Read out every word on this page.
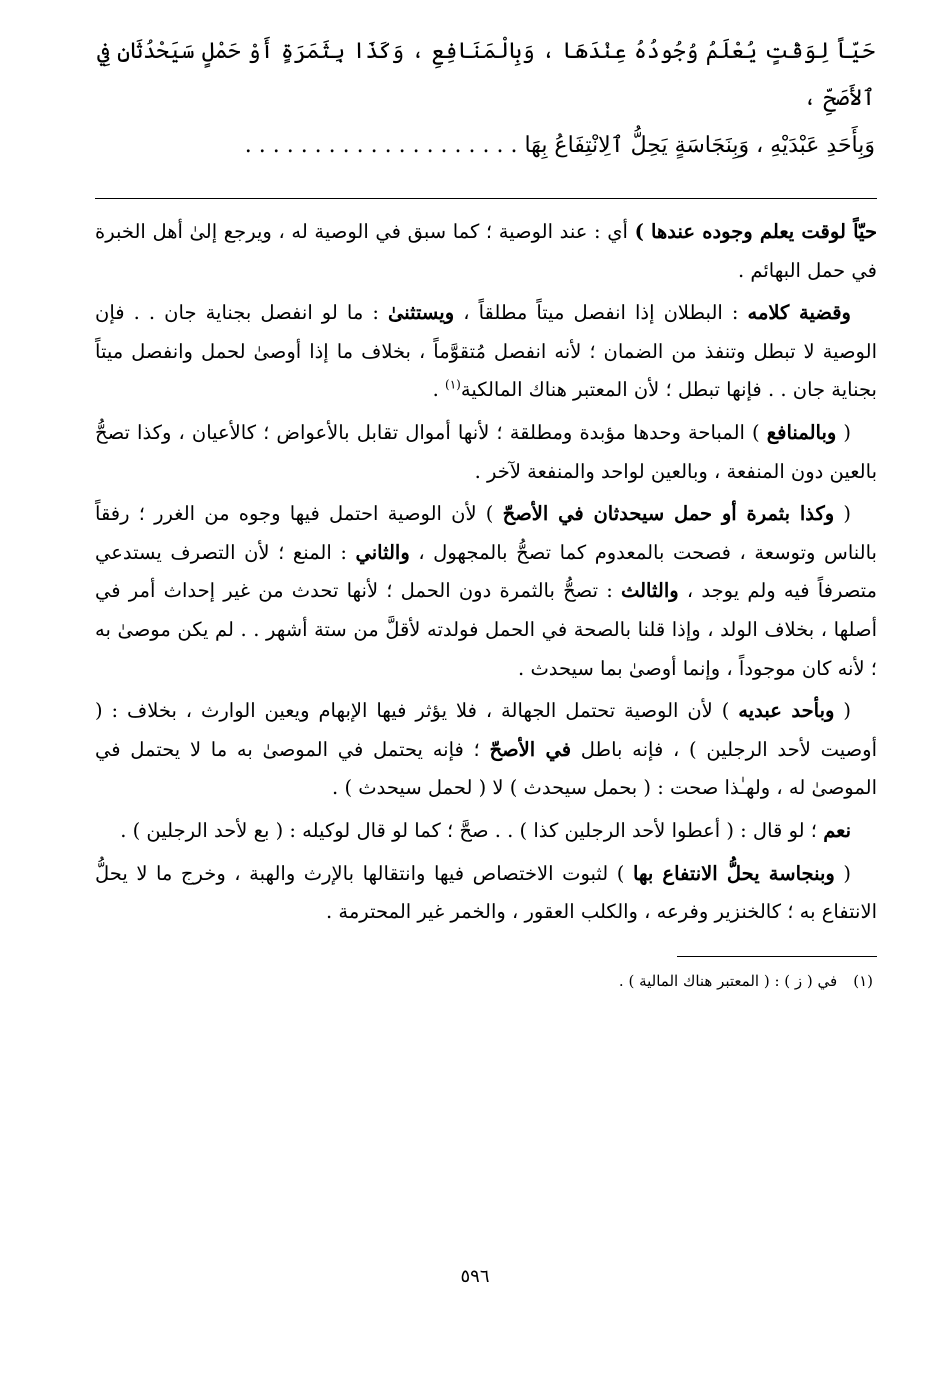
حَيّاً لِوَقْتٍ يُعْلَمُ وُجُودُهُ عِنْدَهَا ، وَبِالْمَنَافِعِ ، وَكَذَا بِثَمَرَةٍ أَوْ حَمْلٍ سَيَحْدُثَانِ فِي ٱلأَصَحِّ ،
وَبِأَحَدِ عَبْدَيْهِ ، وَبِنَجَاسَةٍ يَحِلُّ ٱلِانْتِفَاعُ بِهَا . . . . . . . . . . . . . . . . . . . .

حيّاً لوقت يعلم وجوده عندها ) أي : عند الوصية ؛ كما سبق في الوصية له ، ويرجع إلىٰ أهل الخبرة في حمل البهائم .

وقضية كلامه : البطلان إذا انفصل ميتاً مطلقاً ، ويستثنىٰ : ما لو انفصل بجناية جان . . فإن الوصية لا تبطل وتنفذ من الضمان ؛ لأنه انفصل مُتقوَّماً ، بخلاف ما إذا أوصىٰ لحمل وانفصل ميتاً بجناية جان . . فإنها تبطل ؛ لأن المعتبر هناك المالكية$^{(١)}$ .

( وبالمنافع ) المباحة وحدها مؤبدة ومطلقة ؛ لأنها أموال تقابل بالأعواض ؛ كالأعيان ، وكذا تصحُّ بالعين دون المنفعة ، وبالعين لواحد والمنفعة لآخر .

( وكذا بثمرة أو حمل سيحدثان في الأصحّ ) لأن الوصية احتمل فيها وجوه من الغرر ؛ رفقاً بالناس وتوسعة ، فصحت بالمعدوم كما تصحُّ بالمجهول ، والثاني : المنع ؛ لأن التصرف يستدعي متصرفاً فيه ولم يوجد ، والثالث : تصحُّ بالثمرة دون الحمل ؛ لأنها تحدث من غير إحداث أمر في أصلها ، بخلاف الولد ، وإذا قلنا بالصحة في الحمل فولدته لأقلَّ من ستة أشهر . . لم يكن موصىٰ به ؛ لأنه كان موجوداً ، وإنما أوصىٰ بما سيحدث .

( وبأحد عبديه ) لأن الوصية تحتمل الجهالة ، فلا يؤثر فيها الإبهام ويعين الوارث ، بخلاف : ( أوصيت لأحد الرجلين ) ، فإنه باطل في الأصحّ ؛ فإنه يحتمل في الموصىٰ به ما لا يحتمل في الموصىٰ له ، ولهـٰذا صحت : ( بحمل سيحدث ) لا ( لحمل سيحدث ) .

نعم ؛ لو قال : ( أعطوا لأحد الرجلين كذا ) . . صحَّ ؛ كما لو قال لوكيله : ( بع لأحد الرجلين ) .

( وبنجاسة يحلُّ الانتفاع بها ) لثبوت الاختصاص فيها وانتقالها بالإرث والهبة ، وخرج ما لا يحلُّ الانتفاع به ؛ كالخنزير وفرعه ، والكلب العقور ، والخمر غير المحترمة .

(١)في ( ز ) : ( المعتبر هناك المالية ) .

٥٩٦
